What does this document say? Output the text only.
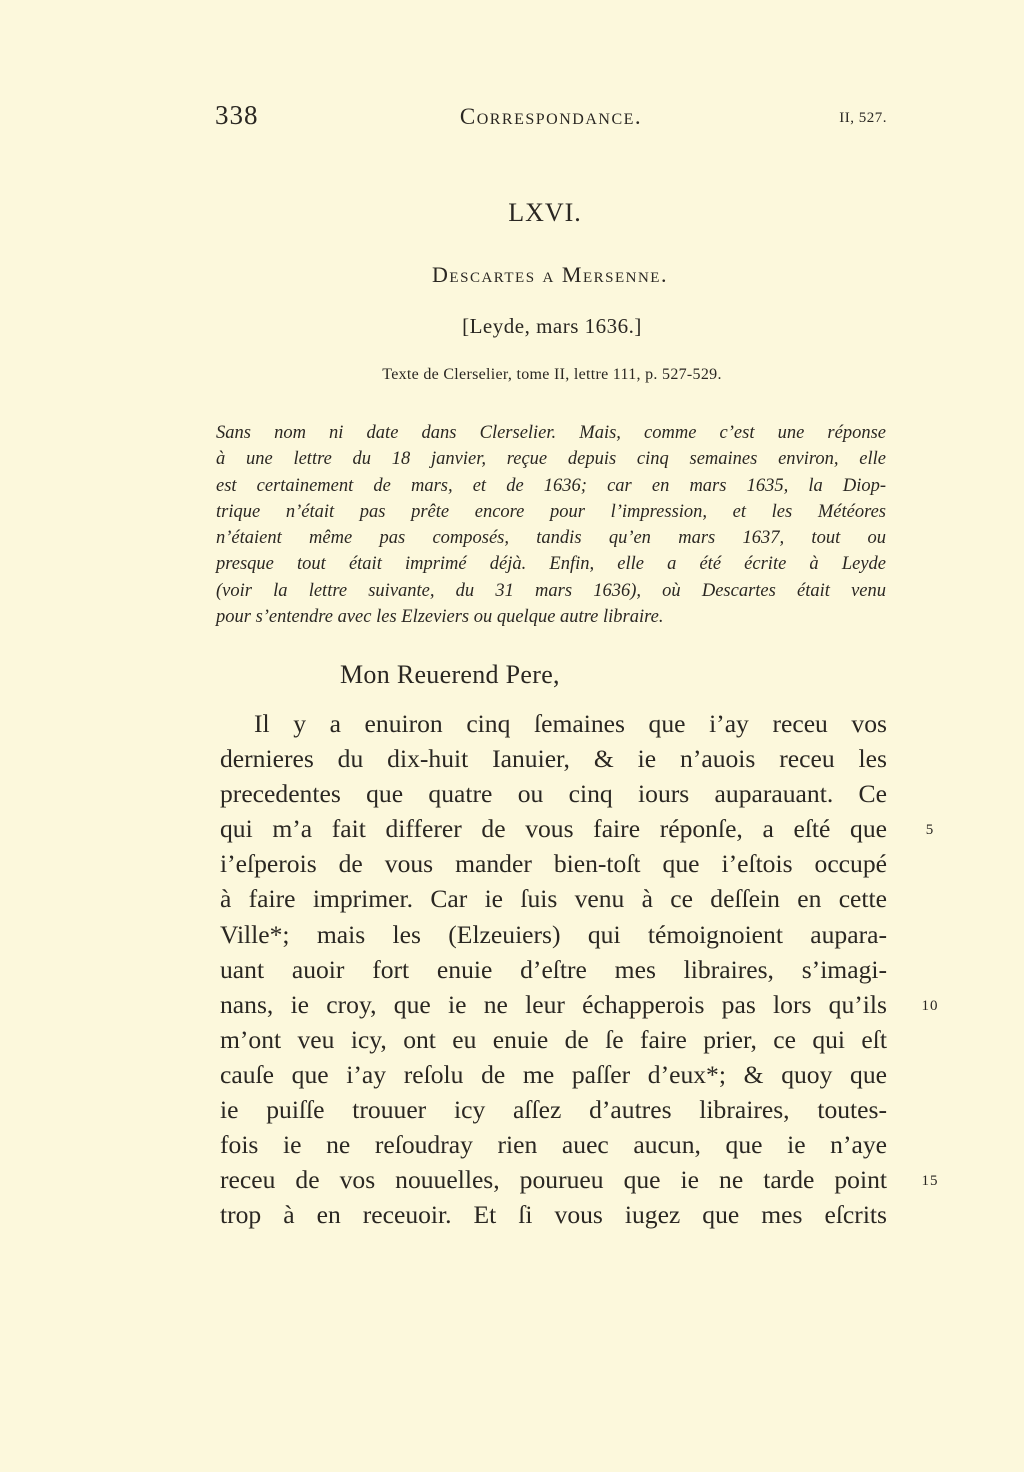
338	Correspondance.	II, 527.
LXVI.
Descartes a Mersenne.
[Leyde, mars 1636.]
Texte de Clerselier, tome II, lettre 111, p. 527-529.
Sans nom ni date dans Clerselier. Mais, comme c’est une réponse
à une lettre du 18 janvier, reçue depuis cinq semaines environ, elle
est certainement de mars, et de 1636; car en mars 1635, la Diop-
trique n’était pas prête encore pour l’impression, et les Météores
n’étaient même pas composés, tandis qu’en mars 1637, tout ou
presque tout était imprimé déjà. Enfin, elle a été écrite à Leyde
(voir la lettre suivante, du 31 mars 1636), où Descartes était venu
pour s’entendre avec les Elzeviers ou quelque autre libraire.
Mon Reuerend Pere,
Il y a enuiron cinq ſemaines que i’ay receu vos
dernieres du dix-huit Ianuier, & ie n’auois receu les
precedentes que quatre ou cinq iours auparauant. Ce
qui m’a fait differer de vous faire réponſe, a eſté que
i’eſperois de vous mander bien-toſt que i’eſtois occupé
à faire imprimer. Car ie ſuis venu à ce deſſein en cette
Ville*; mais les (Elzeuiers) qui témoignoient aupara-
uant auoir fort enuie d’eſtre mes libraires, s’imagi-
nans, ie croy, que ie ne leur échapperois pas lors qu’ils
m’ont veu icy, ont eu enuie de ſe faire prier, ce qui eſt
cauſe que i’ay reſolu de me paſſer d’eux*; & quoy que
ie puiſſe trouuer icy aſſez d’autres libraires, toutes-
fois ie ne reſoudray rien auec aucun, que ie n’aye
receu de vos nouuelles, pourueu que ie ne tarde point
trop à en receuoir. Et ſi vous iugez que mes eſcrits
5
10
15
